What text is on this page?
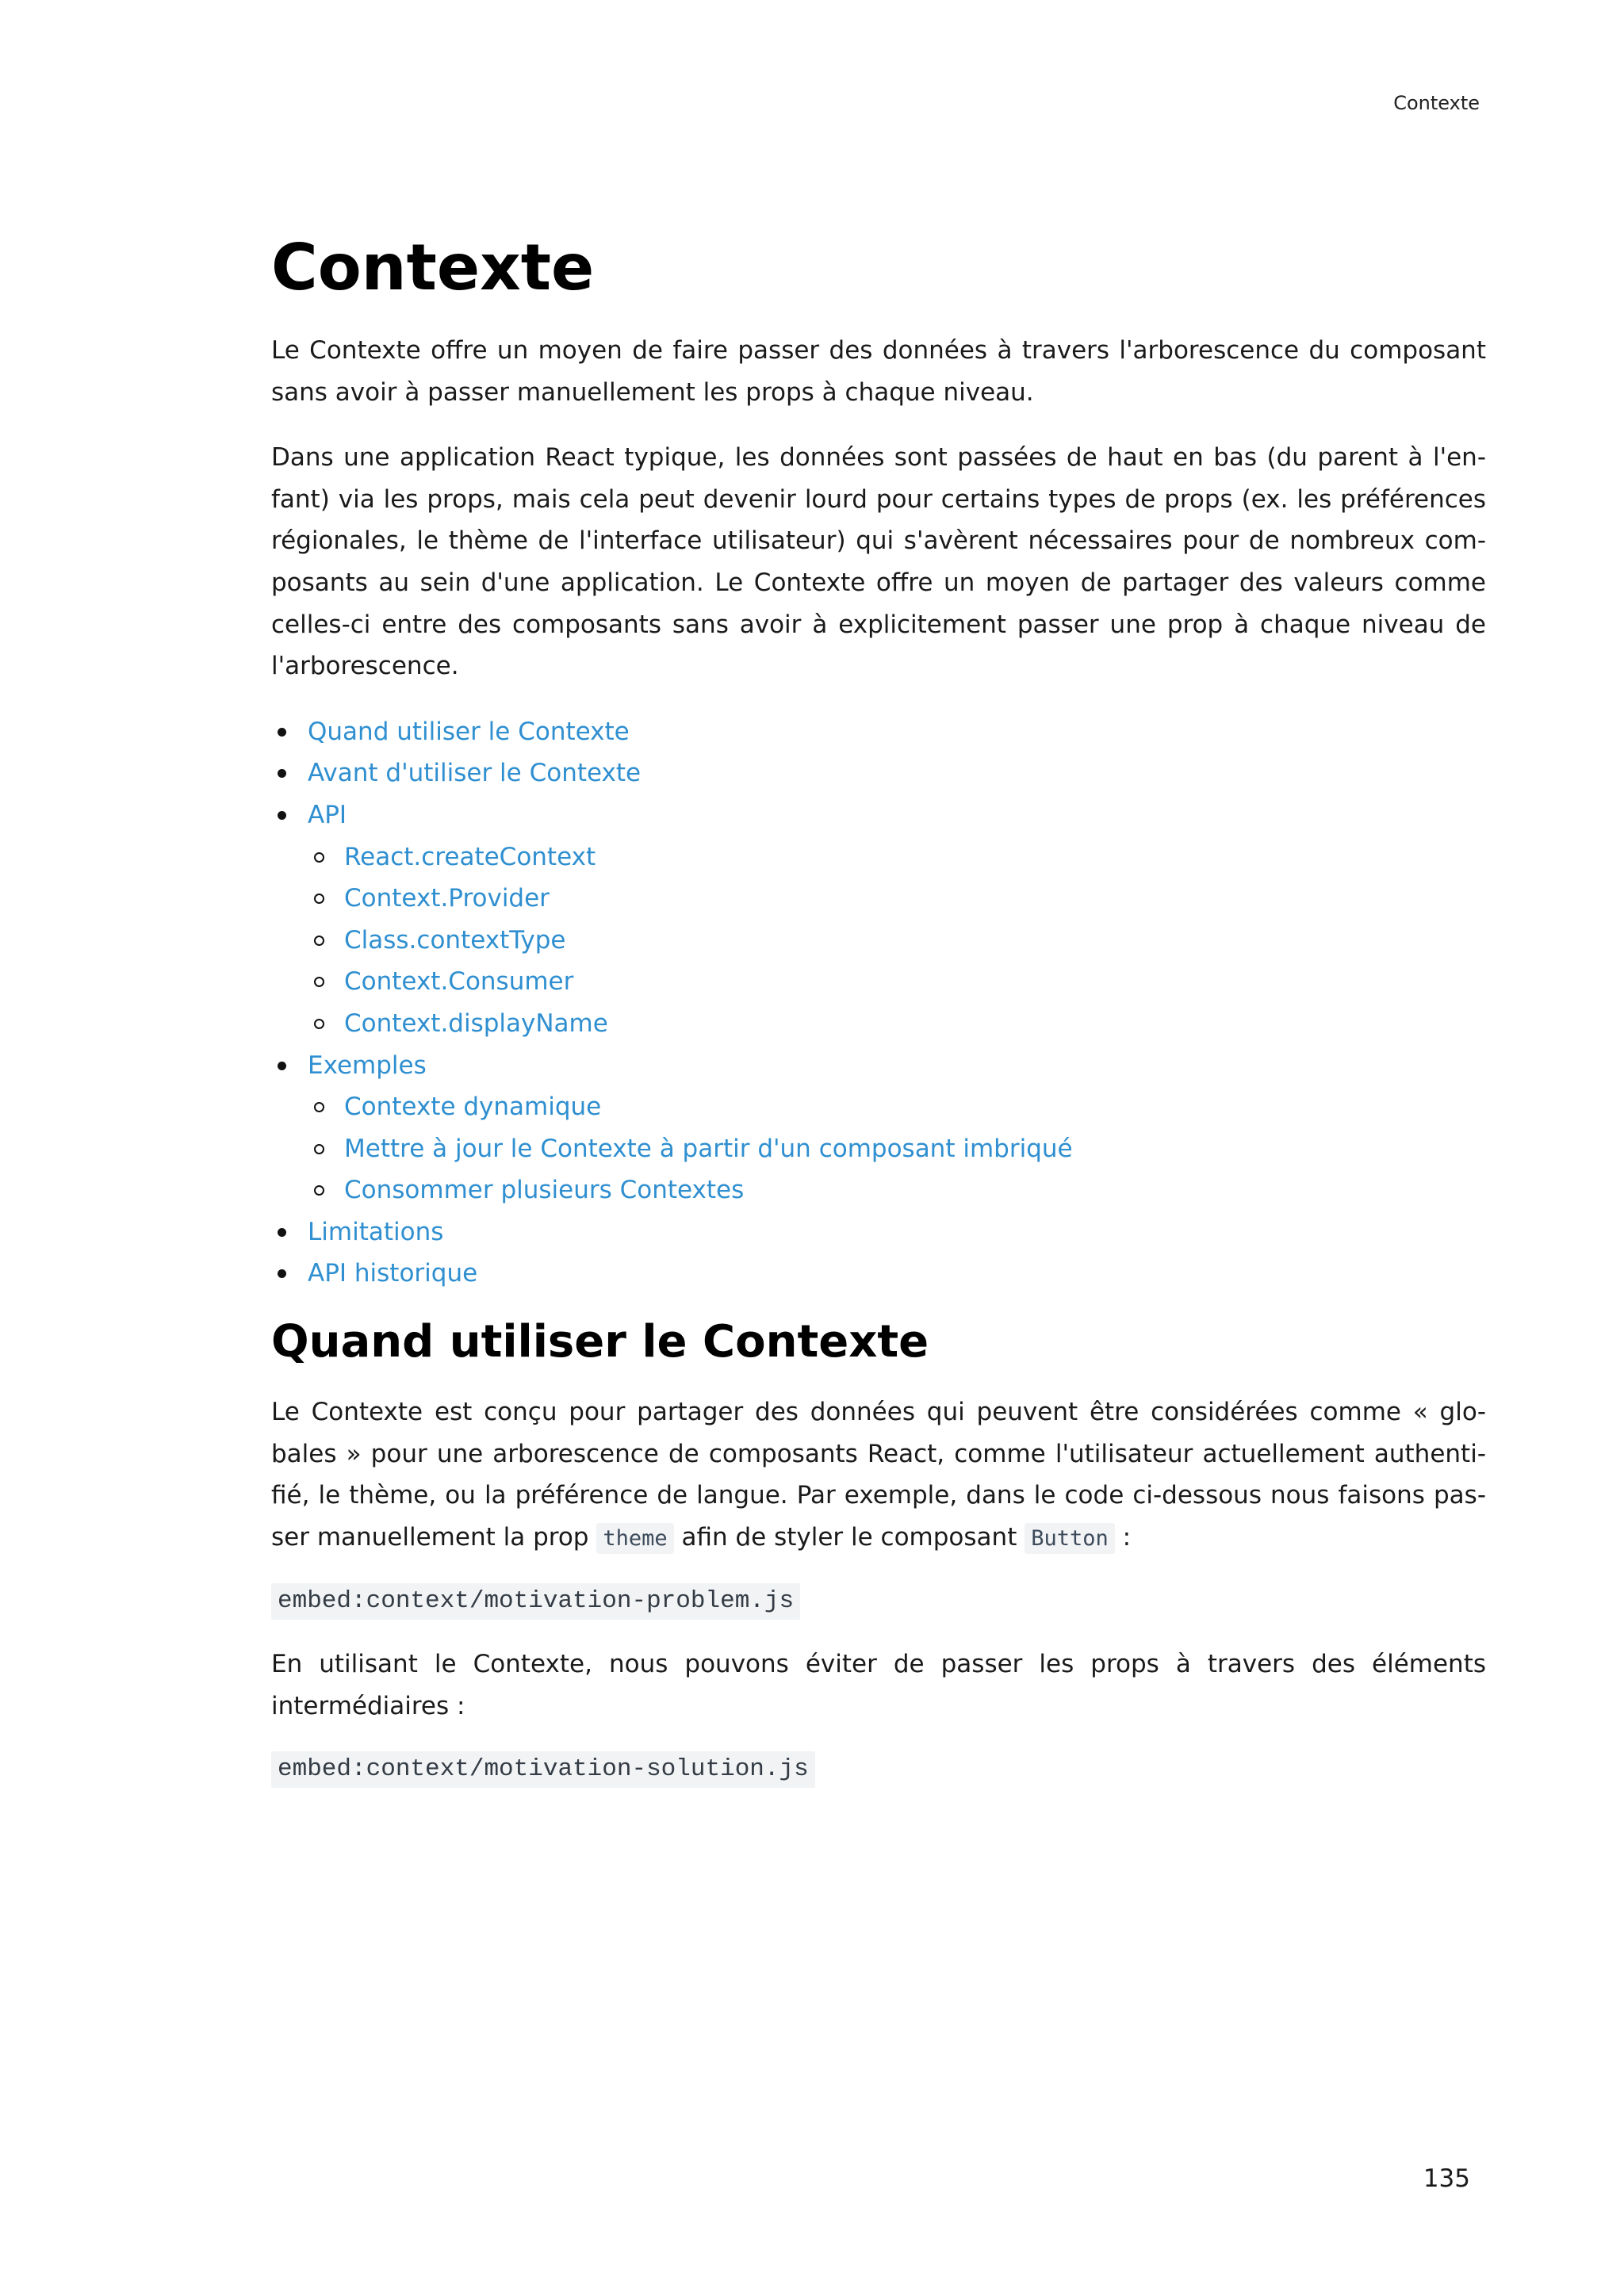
Contexte
Contexte

Le Contexte offre un moyen de faire passer des données à travers l'arborescence du composant sans avoir à passer manuellement les props à chaque niveau.

Dans une application React typique, les données sont passées de haut en bas (du parent à l'enfant) via les props, mais cela peut devenir lourd pour certains types de props (ex. les préférences régionales, le thème de l'interface utilisateur) qui s'avèrent nécessaires pour de nombreux composants au sein d'une application. Le Contexte offre un moyen de partager des valeurs comme celles-ci entre des composants sans avoir à explicitement passer une prop à chaque niveau de l'arborescence.

Quand utiliser le Contexte
Avant d'utiliser le Contexte
API
React.createContext
Context.Provider
Class.contextType
Context.Consumer
Context.displayName
Exemples
Contexte dynamique
Mettre à jour le Contexte à partir d'un composant imbriqué
Consommer plusieurs Contextes
Limitations
API historique
Quand utiliser le Contexte

Le Contexte est conçu pour partager des données qui peuvent être considérées comme « globales » pour une arborescence de composants React, comme l'utilisateur actuellement authentifié, le thème, ou la préférence de langue. Par exemple, dans le code ci-dessous nous faisons passer manuellement la prop theme afin de styler le composant Button :

embed:context/motivation-problem.js

En utilisant le Contexte, nous pouvons éviter de passer les props à travers des éléments intermédiaires :

embed:context/motivation-solution.js
135
